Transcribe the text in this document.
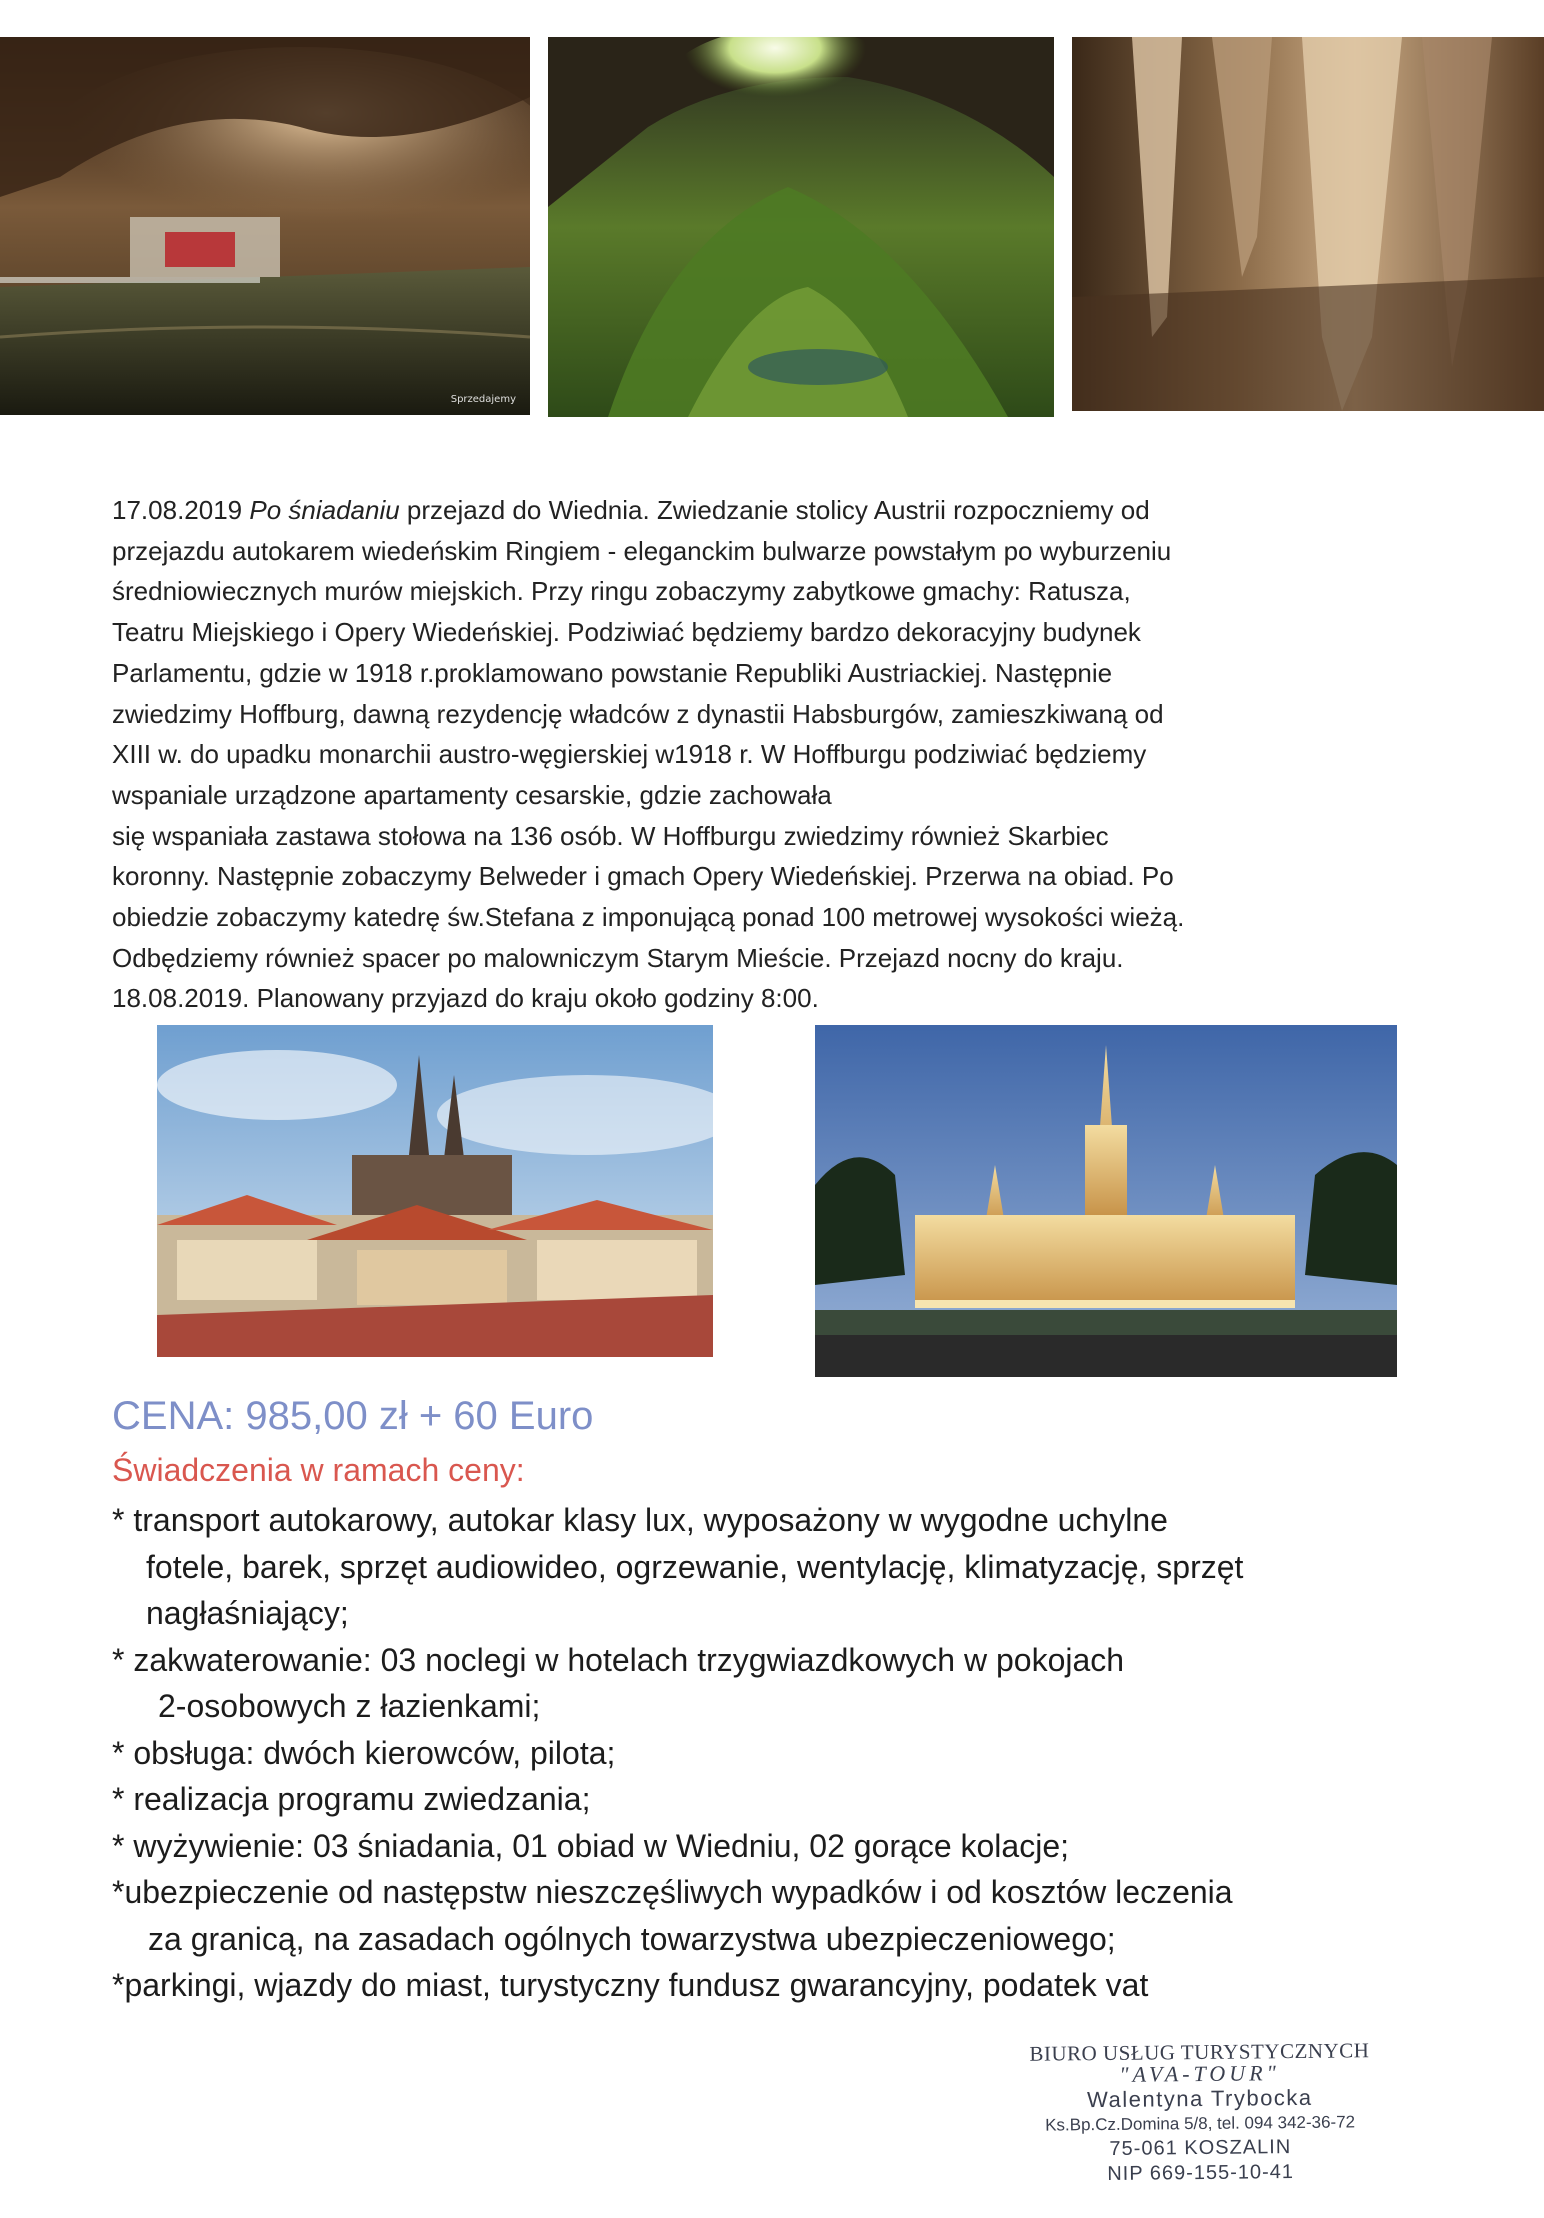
Sprzedajemy

17.08.2019 Po śniadaniu przejazd do Wiednia. Zwiedzanie stolicy Austrii rozpoczniemy od

przejazdu autokarem wiedeńskim Ringiem - eleganckim bulwarze powstałym po wyburzeniu

średniowiecznych murów miejskich. Przy ringu zobaczymy zabytkowe gmachy: Ratusza,

Teatru Miejskiego i Opery Wiedeńskiej. Podziwiać będziemy bardzo dekoracyjny budynek

Parlamentu, gdzie w 1918 r.proklamowano powstanie Republiki Austriackiej. Następnie

zwiedzimy Hoffburg, dawną rezydencję władców z dynastii Habsburgów, zamieszkiwaną od

XIII w. do upadku monarchii austro-węgierskiej w1918 r. W Hoffburgu podziwiać będziemy

wspaniale urządzone apartamenty cesarskie, gdzie zachowała

się wspaniała zastawa stołowa na 136 osób. W Hoffburgu zwiedzimy również Skarbiec

koronny. Następnie zobaczymy Belweder i gmach Opery Wiedeńskiej. Przerwa na obiad. Po

obiedzie zobaczymy katedrę św.Stefana z imponującą ponad 100 metrowej wysokości wieżą.

Odbędziemy również spacer po malowniczym Starym Mieście. Przejazd nocny do kraju.

18.08.2019. Planowany przyjazd do kraju około godziny 8:00.

CENA: 985,00 zł + 60 Euro
Świadczenia w ramach ceny:
* transport autokarowy, autokar klasy lux, wyposażony w wygodne uchylne
fotele, barek, sprzęt audiowideo, ogrzewanie, wentylację, klimatyzację, sprzęt
nagłaśniający;
* zakwaterowanie: 03 noclegi w hotelach trzygwiazdkowych w pokojach
2-osobowych z łazienkami;
* obsługa: dwóch kierowców, pilota;
* realizacja programu zwiedzania;
* wyżywienie: 03 śniadania, 01 obiad w Wiedniu, 02 gorące kolacje;
*ubezpieczenie od następstw nieszczęśliwych wypadków i od kosztów leczenia
za granicą, na zasadach ogólnych towarzystwa ubezpieczeniowego;
*parkingi, wjazdy do miast, turystyczny fundusz gwarancyjny, podatek vat
BIURO USŁUG TURYSTYCZNYCH
"AVA-TOUR"
Walentyna Trybocka
Ks.Bp.Cz.Domina 5/8, tel. 094 342-36-72
75-061 KOSZALIN
NIP 669-155-10-41
